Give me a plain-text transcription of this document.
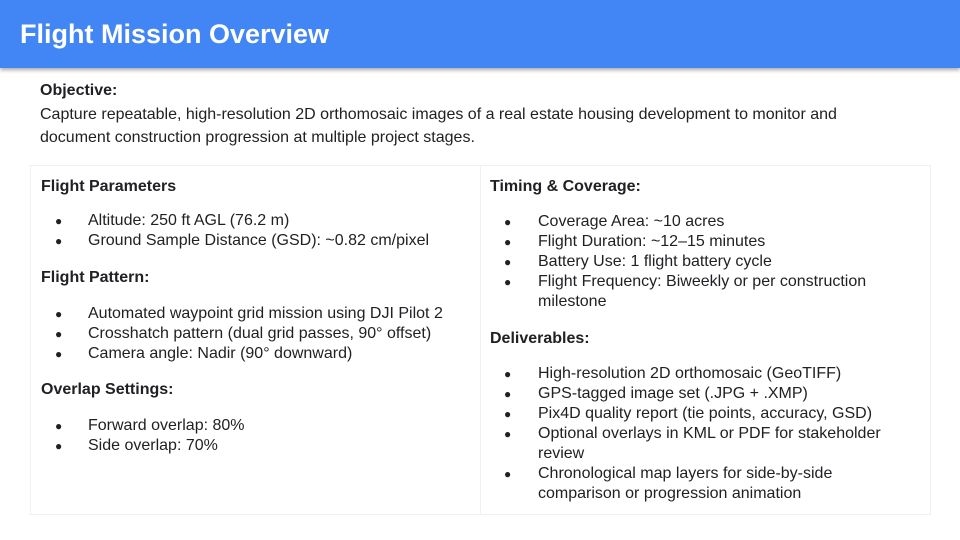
Flight Mission Overview
Objective:
Capture repeatable, high-resolution 2D orthomosaic images of a real estate housing development to monitor and
document construction progression at multiple project stages.
Flight Parameters
● Altitude: 250 ft AGL (76.2 m)
● Ground Sample Distance (GSD): ~0.82 cm/pixel
Flight Pattern:
● Automated waypoint grid mission using DJI Pilot 2
● Crosshatch pattern (dual grid passes, 90° offset)
● Camera angle: Nadir (90° downward)
Overlap Settings:
● Forward overlap: 80%
● Side overlap: 70%
Timing & Coverage:
● Coverage Area: ~10 acres
● Flight Duration: ~12–15 minutes
● Battery Use: 1 flight battery cycle
● Flight Frequency: Biweekly or per construction milestone
Deliverables:
● High-resolution 2D orthomosaic (GeoTIFF)
● GPS-tagged image set (.JPG + .XMP)
● Pix4D quality report (tie points, accuracy, GSD)
● Optional overlays in KML or PDF for stakeholder review
● Chronological map layers for side-by-side comparison or progression animation
